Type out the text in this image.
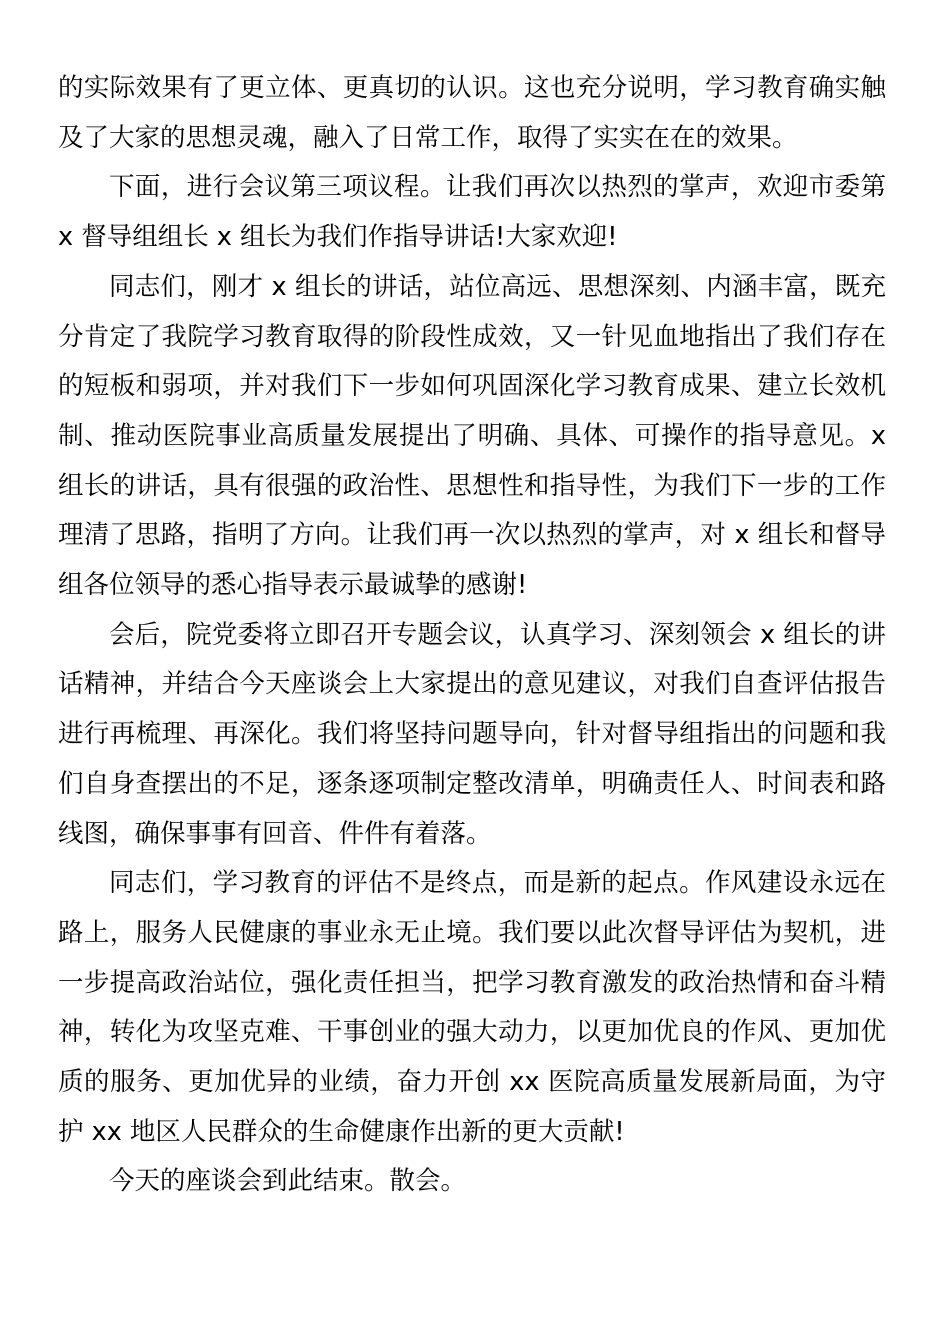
的实际效果有了更立体、更真切的认识。这也充分说明，学习教育确实触及了大家的思想灵魂，融入了日常工作，取得了实实在在的效果。

下面，进行会议第三项议程。让我们再次以热烈的掌声，欢迎市委第 x 督导组组长 x 组长为我们作指导讲话!大家欢迎!

同志们，刚才 x 组长的讲话，站位高远、思想深刻、内涵丰富，既充分肯定了我院学习教育取得的阶段性成效，又一针见血地指出了我们存在的短板和弱项，并对我们下一步如何巩固深化学习教育成果、建立长效机制、推动医院事业高质量发展提出了明确、具体、可操作的指导意见。x 组长的讲话，具有很强的政治性、思想性和指导性，为我们下一步的工作理清了思路，指明了方向。让我们再一次以热烈的掌声，对 x 组长和督导组各位领导的悉心指导表示最诚挚的感谢!

会后，院党委将立即召开专题会议，认真学习、深刻领会 x 组长的讲话精神，并结合今天座谈会上大家提出的意见建议，对我们自查评估报告进行再梳理、再深化。我们将坚持问题导向，针对督导组指出的问题和我们自身查摆出的不足，逐条逐项制定整改清单，明确责任人、时间表和路线图，确保事事有回音、件件有着落。

同志们，学习教育的评估不是终点，而是新的起点。作风建设永远在路上，服务人民健康的事业永无止境。我们要以此次督导评估为契机，进一步提高政治站位，强化责任担当，把学习教育激发的政治热情和奋斗精神，转化为攻坚克难、干事创业的强大动力，以更加优良的作风、更加优质的服务、更加优异的业绩，奋力开创 xx 医院高质量发展新局面，为守护 xx 地区人民群众的生命健康作出新的更大贡献!

今天的座谈会到此结束。散会。
